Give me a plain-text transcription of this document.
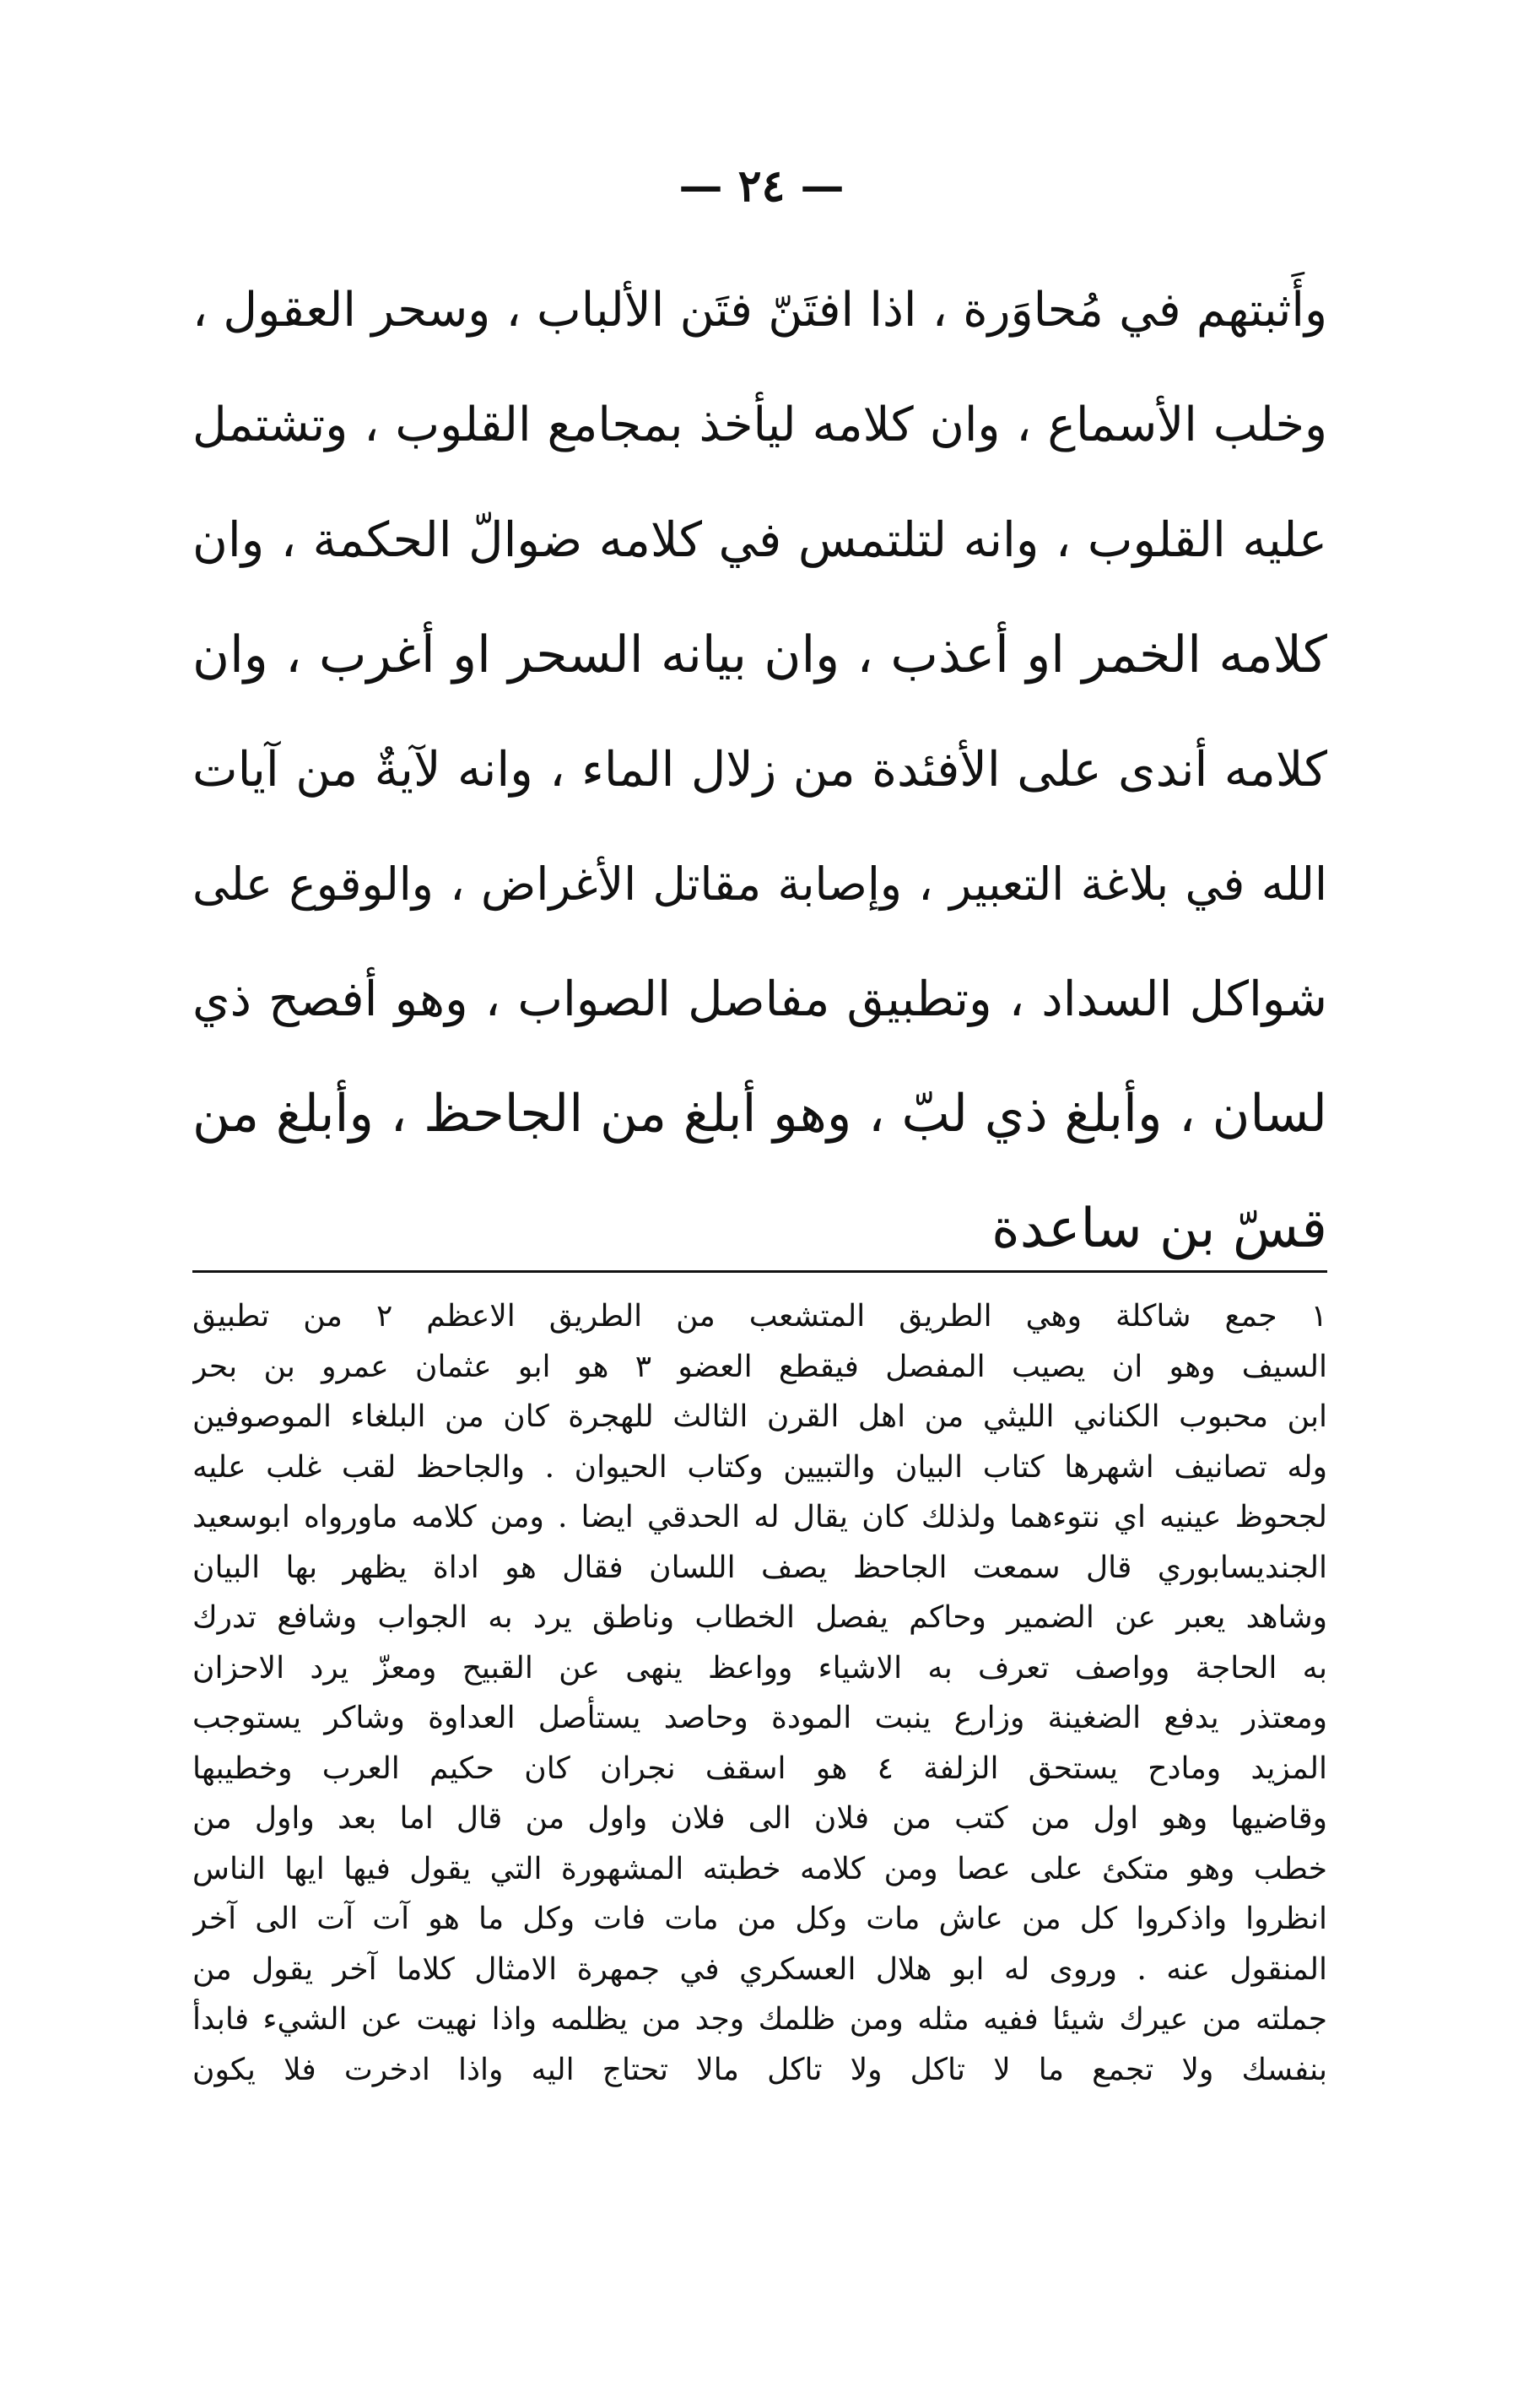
— ٢٤ —
وأَثبتهم في مُحاوَرة ، اذا افتَنّ فتَن الألباب ، وسحر العقول ،
وخلب الأسماع ، وان كلامه ليأخذ بمجامع القلوب ، وتشتمل
عليه القلوب ، وانه لتلتمس في كلامه ضوالّ الحكمة ، وان
كلامه الخمر او أعذب ، وان بيانه السحر او أغرب ، وان
كلامه أندى على الأفئدة من زلال الماء ، وانه لآيةٌ من آيات
الله في بلاغة التعبير ، وإصابة مقاتل الأغراض ، والوقوع على
شواكل السداد ، وتطبيق مفاصل الصواب ، وهو أفصح ذي
لسان ، وأبلغ ذي لبّ ، وهو أبلغ من الجاحظ ، وأبلغ من
قسّ بن ساعدة
١ جمع شاكلة وهي الطريق المتشعب من الطريق الاعظم ٢ من تطبيق
السيف وهو ان يصيب المفصل فيقطع العضو ٣ هو ابو عثمان عمرو بن بحر
ابن محبوب الكناني الليثي من اهل القرن الثالث للهجرة كان من البلغاء الموصوفين
وله تصانيف اشهرها كتاب البيان والتبيين وكتاب الحيوان . والجاحظ لقب غلب عليه
لجحوظ عينيه اي نتوءهما ولذلك كان يقال له الحدقي ايضا . ومن كلامه ماورواه ابوسعيد
الجنديسابوري قال سمعت الجاحظ يصف اللسان فقال هو اداة يظهر بها البيان
وشاهد يعبر عن الضمير وحاكم يفصل الخطاب وناطق يرد به الجواب وشافع تدرك
به الحاجة وواصف تعرف به الاشياء وواعظ ينهى عن القبيح ومعزّ يرد الاحزان
ومعتذر يدفع الضغينة وزارع ينبت المودة وحاصد يستأصل العداوة وشاكر يستوجب
المزيد ومادح يستحق الزلفة ٤ هو اسقف نجران كان حكيم العرب وخطيبها
وقاضيها وهو اول من كتب من فلان الى فلان واول من قال اما بعد واول من
خطب وهو متكئ على عصا ومن كلامه خطبته المشهورة التي يقول فيها ايها الناس
انظروا واذكروا كل من عاش مات وكل من مات فات وكل ما هو آت آت الى آخر
المنقول عنه . وروى له ابو هلال العسكري في جمهرة الامثال كلاما آخر يقول من
جملته من عيرك شيئا ففيه مثله ومن ظلمك وجد من يظلمه واذا نهيت عن الشيء فابدأ
بنفسك ولا تجمع ما لا تاكل ولا تاكل مالا تحتاج اليه واذا ادخرت فلا يكون
